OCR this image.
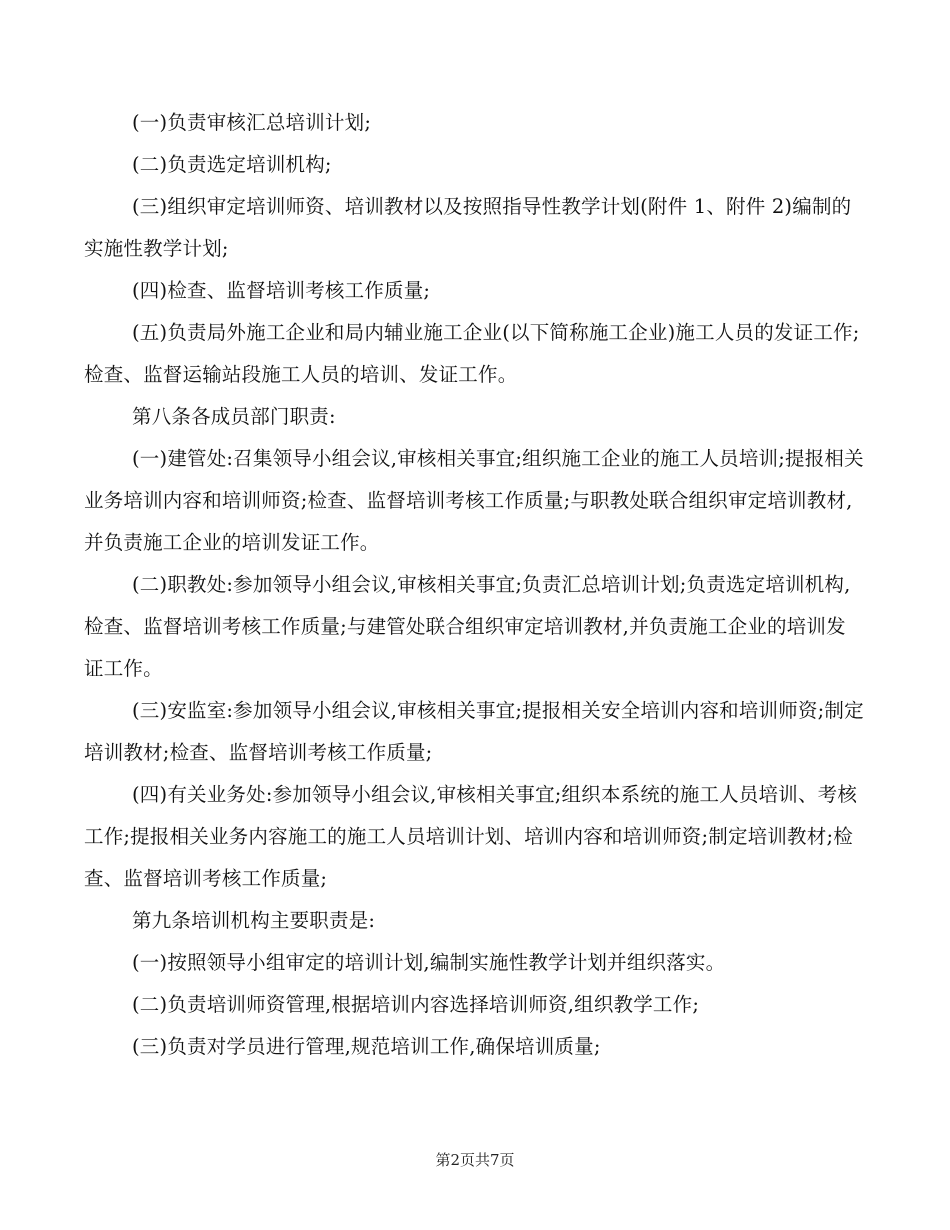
(一)负责审核汇总培训计划;

(二)负责选定培训机构;

(三)组织审定培训师资、培训教材以及按照指导性教学计划(附件 1、附件 2)编制的实施性教学计划;

(四)检查、监督培训考核工作质量;

(五)负责局外施工企业和局内辅业施工企业(以下简称施工企业)施工人员的发证工作;检查、监督运输站段施工人员的培训、发证工作。

第八条各成员部门职责:

(一)建管处:召集领导小组会议,审核相关事宜;组织施工企业的施工人员培训;提报相关业务培训内容和培训师资;检查、监督培训考核工作质量;与职教处联合组织审定培训教材,并负责施工企业的培训发证工作。

(二)职教处:参加领导小组会议,审核相关事宜;负责汇总培训计划;负责选定培训机构,检查、监督培训考核工作质量;与建管处联合组织审定培训教材,并负责施工企业的培训发证工作。

(三)安监室:参加领导小组会议,审核相关事宜;提报相关安全培训内容和培训师资;制定培训教材;检查、监督培训考核工作质量;

(四)有关业务处:参加领导小组会议,审核相关事宜;组织本系统的施工人员培训、考核工作;提报相关业务内容施工的施工人员培训计划、培训内容和培训师资;制定培训教材;检查、监督培训考核工作质量;

第九条培训机构主要职责是:

(一)按照领导小组审定的培训计划,编制实施性教学计划并组织落实。

(二)负责培训师资管理,根据培训内容选择培训师资,组织教学工作;

(三)负责对学员进行管理,规范培训工作,确保培训质量;

第2页共7页
